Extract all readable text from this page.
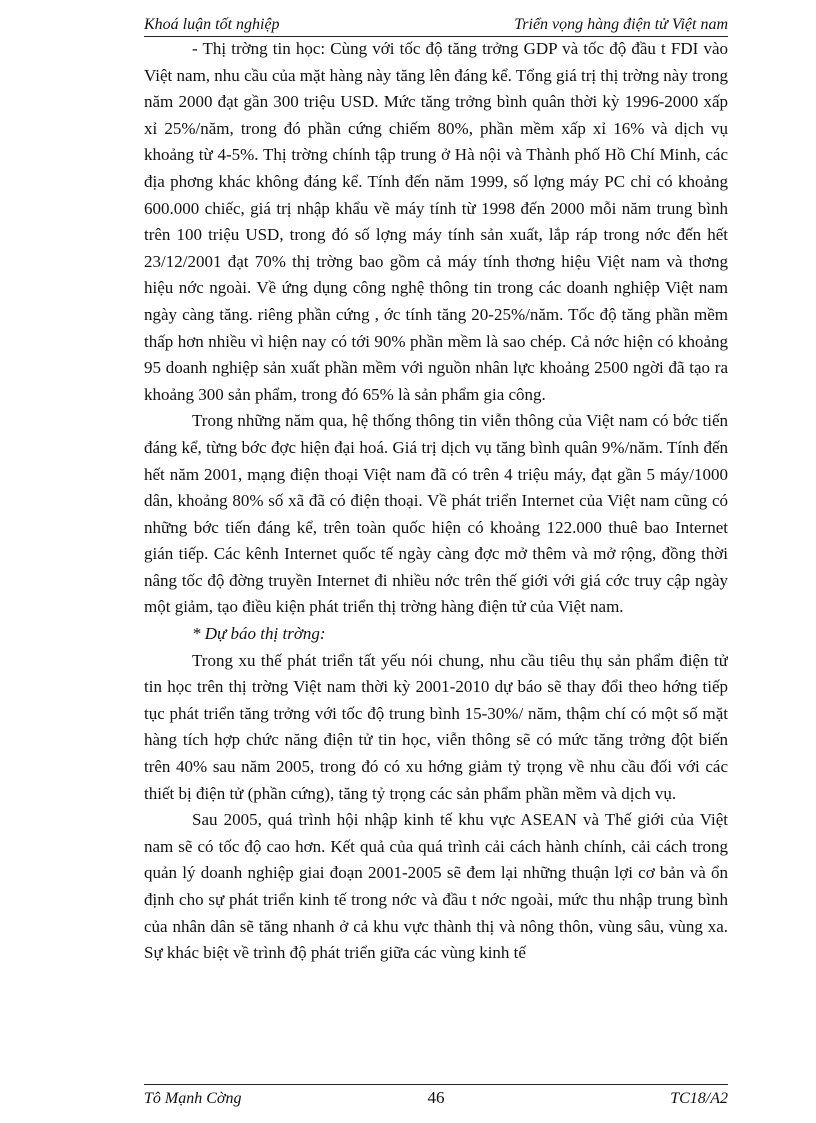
Khoá luận tốt nghiệp	Triển vọng hàng điện tử Việt nam

- Thị trờng tin học: Cùng với tốc độ tăng trởng GDP và tốc độ đầu t FDI vào Việt nam, nhu cầu của mặt hàng này tăng lên đáng kể. Tổng giá trị thị trờng này trong năm 2000 đạt gần 300 triệu USD. Mức tăng trởng bình quân thời kỳ 1996-2000 xấp xỉ 25%/năm, trong đó phần cứng chiếm 80%, phần mềm xấp xỉ 16% và dịch vụ khoảng từ 4-5%. Thị trờng chính tập trung ở Hà nội và Thành phố Hồ Chí Minh, các địa phơng khác không đáng kể. Tính đến năm 1999, số lợng máy PC chỉ có khoảng 600.000 chiếc, giá trị nhập khẩu về máy tính từ 1998 đến 2000 mỗi năm trung bình trên 100 triệu USD, trong đó số lợng máy tính sản xuất, lắp ráp trong nớc đến hết 23/12/2001 đạt 70% thị trờng bao gồm cả máy tính thơng hiệu Việt nam và thơng hiệu nớc ngoài. Về ứng dụng công nghệ thông tin trong các doanh nghiệp Việt nam ngày càng tăng. riêng phần cứng , ớc tính tăng 20-25%/năm. Tốc độ tăng phần mềm thấp hơn nhiều vì hiện nay có tới 90% phần mềm là sao chép. Cả nớc hiện có khoảng 95 doanh nghiệp sản xuất phần mềm với nguồn nhân lực khoảng 2500 ngời đã tạo ra khoảng 300 sản phẩm, trong đó 65% là sản phẩm gia công.

Trong những năm qua, hệ thống thông tin viễn thông của Việt nam có bớc tiến đáng kể, từng bớc đợc hiện đại hoá. Giá trị dịch vụ tăng bình quân 9%/năm. Tính đến hết năm 2001, mạng điện thoại Việt nam đã có trên 4 triệu máy, đạt gần 5 máy/1000 dân, khoảng 80% số xã đã có điện thoại. Về phát triển Internet của Việt nam cũng có những bớc tiến đáng kể, trên toàn quốc hiện có khoảng 122.000 thuê bao Internet gián tiếp. Các kênh Internet quốc tế ngày càng đợc mở thêm và mở rộng, đồng thời nâng tốc độ đờng truyền Internet đi nhiều nớc trên thế giới với giá cớc truy cập ngày một giảm, tạo điều kiện phát triển thị trờng hàng điện tử của Việt nam.

* Dự báo thị trờng:

Trong xu thế phát triển tất yếu nói chung, nhu cầu tiêu thụ sản phẩm điện tử tin học trên thị trờng Việt nam thời kỳ 2001-2010 dự báo sẽ thay đổi theo hớng tiếp tục phát triển tăng trởng với tốc độ trung bình 15-30%/ năm, thậm chí có một số mặt hàng tích hợp chức năng điện tử tin học, viễn thông sẽ có mức tăng trởng đột biến trên 40% sau năm 2005, trong đó có xu hớng giảm tỷ trọng về nhu cầu đối với các thiết bị điện tử (phần cứng), tăng tỷ trọng các sản phẩm phần mềm và dịch vụ.

Sau 2005, quá trình hội nhập kinh tế khu vực ASEAN và Thế giới của Việt nam sẽ có tốc độ cao hơn. Kết quả của quá trình cải cách hành chính, cải cách trong quản lý doanh nghiệp giai đoạn 2001-2005 sẽ đem lại những thuận lợi cơ bản và ổn định cho sự phát triển kinh tế trong nớc và đầu t nớc ngoài, mức thu nhập trung bình của nhân dân sẽ tăng nhanh ở cả khu vực thành thị và nông thôn, vùng sâu, vùng xa. Sự khác biệt về trình độ phát triển giữa các vùng kinh tế

Tô Mạnh Cờng	46	TC18/A2
